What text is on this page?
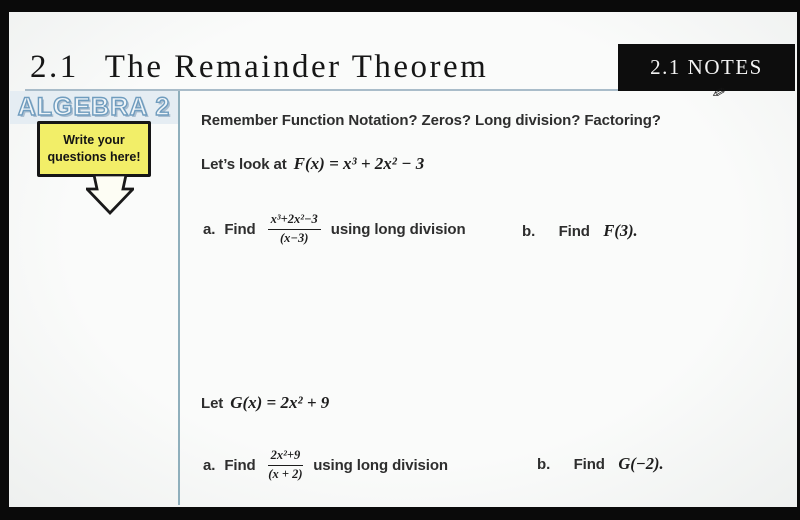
2.1 The Remainder Theorem	2.1 NOTES
✎
ALGEBRA 2
Write your
questions here!
Remember Function Notation? Zeros? Long division? Factoring?
Let’s look at F(x) = x³ + 2x² − 3
a. Find $\frac{\text{x³+2x²−3}}{(x-3)}$ using long division	b. Find F(3).
Let G(x) = 2x² + 9
a. Find $\frac{\text{2x²+9}}{(x + 2)}$ using long division	b. Find G(−2).
